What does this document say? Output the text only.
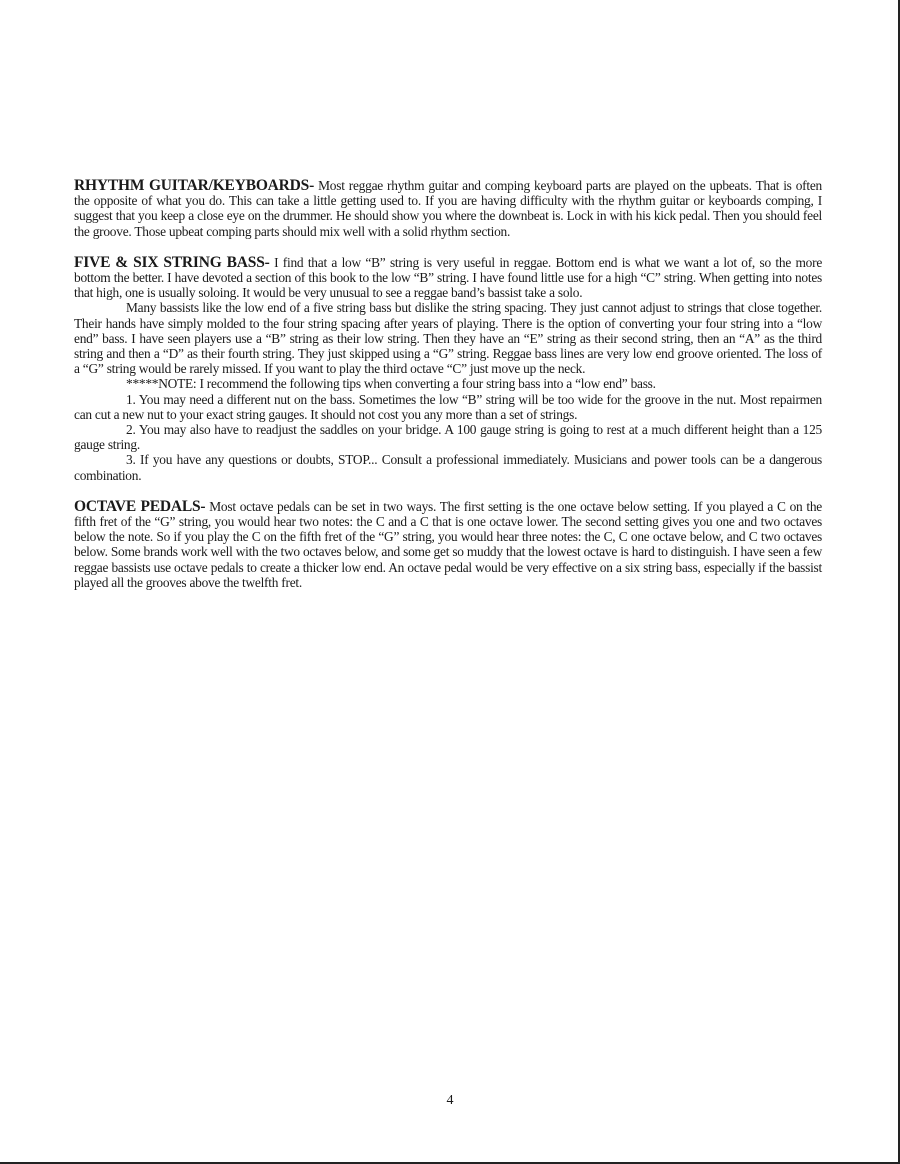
RHYTHM GUITAR/KEYBOARDS- Most reggae rhythm guitar and comping keyboard parts are played on the upbeats. That is often the opposite of what you do. This can take a little getting used to. If you are having difficulty with the rhythm guitar or keyboards comping, I suggest that you keep a close eye on the drummer. He should show you where the downbeat is. Lock in with his kick pedal. Then you should feel the groove. Those upbeat comping parts should mix well with a solid rhythm section.

FIVE & SIX STRING BASS- I find that a low “B” string is very useful in reggae. Bottom end is what we want a lot of, so the more bottom the better. I have devoted a section of this book to the low “B” string. I have found little use for a high “C” string. When getting into notes that high, one is usually soloing. It would be very unusual to see a reggae band’s bassist take a solo.

Many bassists like the low end of a five string bass but dislike the string spacing. They just cannot adjust to strings that close together. Their hands have simply molded to the four string spacing after years of playing. There is the option of converting your four string into a “low end” bass. I have seen players use a “B” string as their low string. Then they have an “E” string as their second string, then an “A” as the third string and then a “D” as their fourth string. They just skipped using a “G” string. Reggae bass lines are very low end groove oriented. The loss of a “G” string would be rarely missed. If you want to play the third octave “C” just move up the neck.

*****NOTE: I recommend the following tips when converting a four string bass into a “low end” bass.

1. You may need a different nut on the bass. Sometimes the low “B” string will be too wide for the groove in the nut. Most repairmen can cut a new nut to your exact string gauges. It should not cost you any more than a set of strings.

2. You may also have to readjust the saddles on your bridge. A 100 gauge string is going to rest at a much different height than a 125 gauge string.

3. If you have any questions or doubts, STOP... Consult a professional immediately. Musicians and power tools can be a dangerous combination.

OCTAVE PEDALS- Most octave pedals can be set in two ways. The first setting is the one octave below setting. If you played a C on the fifth fret of the “G” string, you would hear two notes: the C and a C that is one octave lower. The second setting gives you one and two octaves below the note. So if you play the C on the fifth fret of the “G” string, you would hear three notes: the C, C one octave below, and C two octaves below. Some brands work well with the two octaves below, and some get so muddy that the lowest octave is hard to distinguish. I have seen a few reggae bassists use octave pedals to create a thicker low end. An octave pedal would be very effective on a six string bass, especially if the bassist played all the grooves above the twelfth fret.

4
